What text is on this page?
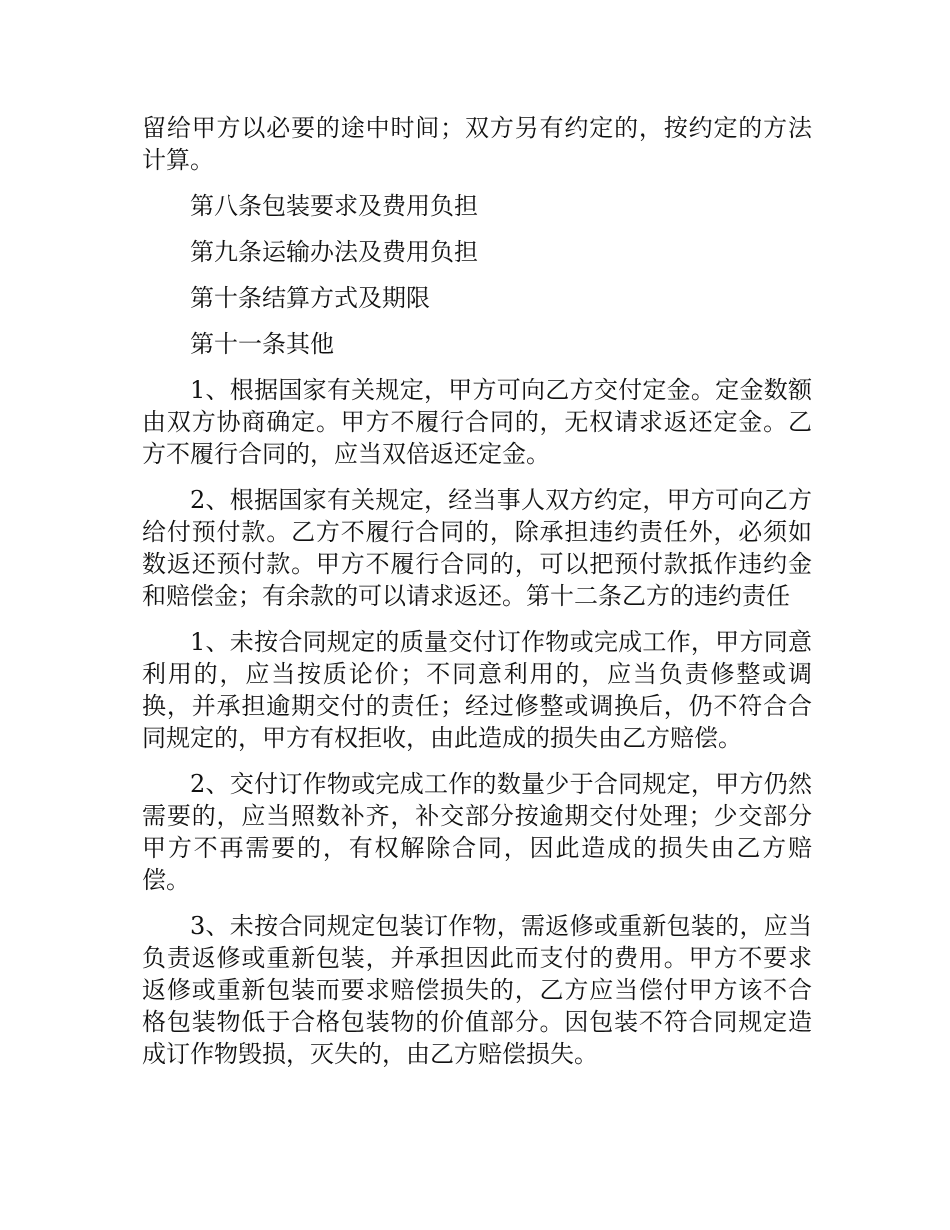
留给甲方以必要的途中时间；双方另有约定的，按约定的方法计算。

第八条包装要求及费用负担

第九条运输办法及费用负担

第十条结算方式及期限

第十一条其他

1、根据国家有关规定，甲方可向乙方交付定金。定金数额由双方协商确定。甲方不履行合同的，无权请求返还定金。乙方不履行合同的，应当双倍返还定金。

2、根据国家有关规定，经当事人双方约定，甲方可向乙方给付预付款。乙方不履行合同的，除承担违约责任外，必须如数返还预付款。甲方不履行合同的，可以把预付款抵作违约金和赔偿金；有余款的可以请求返还。第十二条乙方的违约责任

1、未按合同规定的质量交付订作物或完成工作，甲方同意利用的，应当按质论价；不同意利用的，应当负责修整或调换，并承担逾期交付的责任；经过修整或调换后，仍不符合合同规定的，甲方有权拒收，由此造成的损失由乙方赔偿。

2、交付订作物或完成工作的数量少于合同规定，甲方仍然需要的，应当照数补齐，补交部分按逾期交付处理；少交部分甲方不再需要的，有权解除合同，因此造成的损失由乙方赔偿。

3、未按合同规定包装订作物，需返修或重新包装的，应当负责返修或重新包装，并承担因此而支付的费用。甲方不要求返修或重新包装而要求赔偿损失的，乙方应当偿付甲方该不合格包装物低于合格包装物的价值部分。因包装不符合同规定造成订作物毁损，灭失的，由乙方赔偿损失。
